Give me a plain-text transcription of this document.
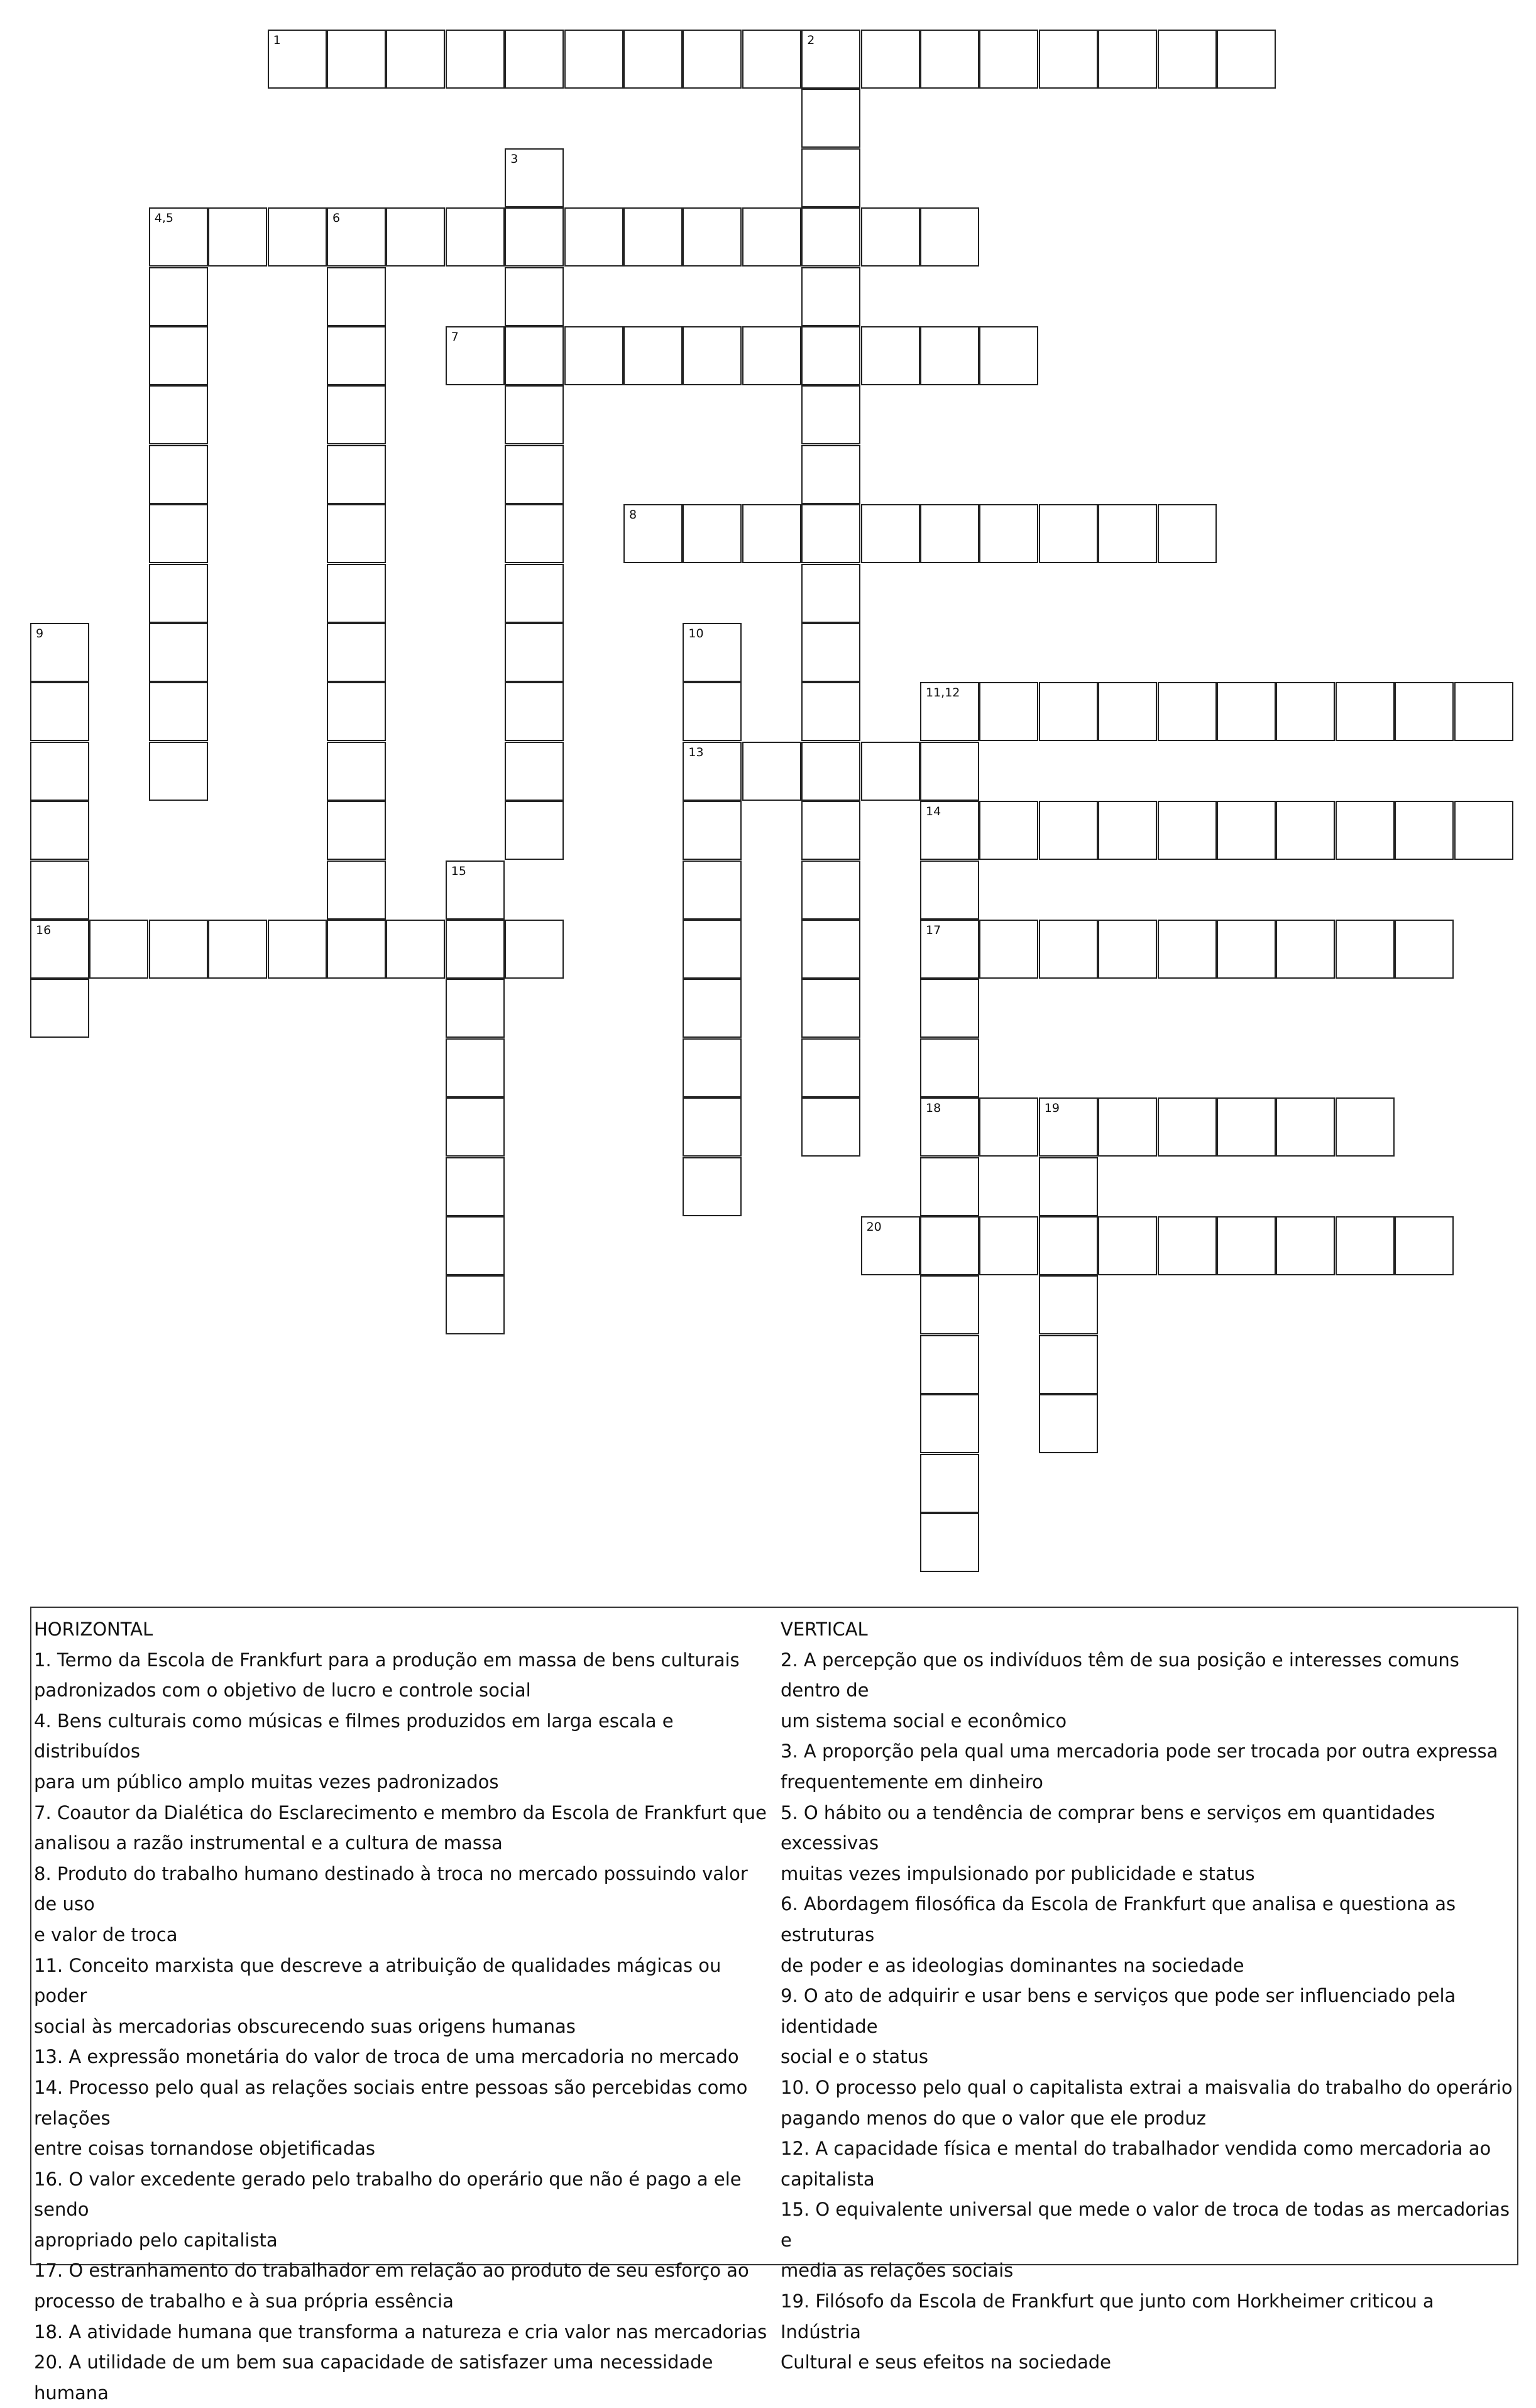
1	2
3
4,5	6
7
8
9
16
10
13
11,12
14
17
18
15
19
20

HORIZONTAL

1. Termo da Escola de Frankfurt para a produção em massa de bens culturais

padronizados com o objetivo de lucro e controle social

4. Bens culturais como músicas e filmes produzidos em larga escala e distribuídos

para um público amplo muitas vezes padronizados

7. Coautor da Dialética do Esclarecimento e membro da Escola de Frankfurt que

analisou a razão instrumental e a cultura de massa

8. Produto do trabalho humano destinado à troca no mercado possuindo valor de uso

e valor de troca

11. Conceito marxista que descreve a atribuição de qualidades mágicas ou poder

social às mercadorias obscurecendo suas origens humanas

13. A expressão monetária do valor de troca de uma mercadoria no mercado

14. Processo pelo qual as relações sociais entre pessoas são percebidas como relações

entre coisas tornandose objetificadas

16. O valor excedente gerado pelo trabalho do operário que não é pago a ele sendo

apropriado pelo capitalista

17. O estranhamento do trabalhador em relação ao produto de seu esforço ao

processo de trabalho e à sua própria essência

18. A atividade humana que transforma a natureza e cria valor nas mercadorias

20. A utilidade de um bem sua capacidade de satisfazer uma necessidade humana

VERTICAL

2. A percepção que os indivíduos têm de sua posição e interesses comuns dentro de

um sistema social e econômico

3. A proporção pela qual uma mercadoria pode ser trocada por outra expressa

frequentemente em dinheiro

5. O hábito ou a tendência de comprar bens e serviços em quantidades excessivas

muitas vezes impulsionado por publicidade e status

6. Abordagem filosófica da Escola de Frankfurt que analisa e questiona as estruturas

de poder e as ideologias dominantes na sociedade

9. O ato de adquirir e usar bens e serviços que pode ser influenciado pela identidade

social e o status

10. O processo pelo qual o capitalista extrai a maisvalia do trabalho do operário

pagando menos do que o valor que ele produz

12. A capacidade física e mental do trabalhador vendida como mercadoria ao

capitalista

15. O equivalente universal que mede o valor de troca de todas as mercadorias e

media as relações sociais

19. Filósofo da Escola de Frankfurt que junto com Horkheimer criticou a Indústria

Cultural e seus efeitos na sociedade
